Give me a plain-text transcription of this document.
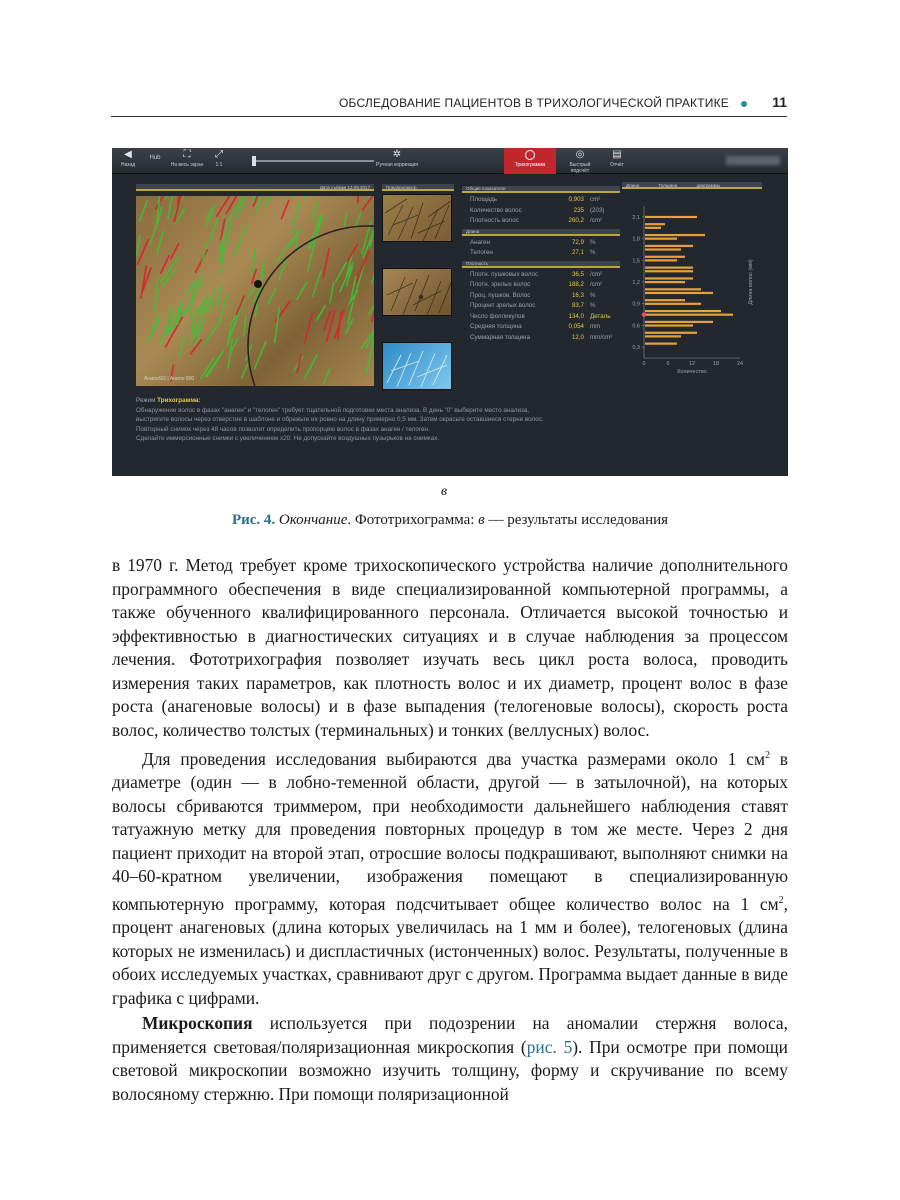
ОБСЛЕДОВАНИЕ ПАЦИЕНТОВ В ТРИХОЛОГИЧЕСКОЙ ПРАКТИКЕ	11
◀
Назад
Hub	⛶
На весь экран
⤢
1:1
✲
Ручная коррекция	Трихограмма
◎
Быстрый подсчёт
▤
Отчёт
Дата съёмки 13.09.2017	Предпросмотр
AramoSG | Aramo 800
Общие показатели
Площадь	0,903 cm²
Количество волос	235 (203)
Плотность волос	260,2 /cm²
Длина
Анаген	72,9 %
Телоген	27,1 %
Плотность
Плотн. пушковых волос	36,5 /cm²
Плотн. зрелых волос	188,2 /cm²
Проц. пушков. Волос	16,3 %
Процент зрелых волос	83,7 %
Число фолликулов	134,0 Деталь
Средняя толщина	0,054 mm
Суммарная толщина	12,0 mm/cm²
Длина	Толщина	диаграммы
0,3
0,6
0,9
1,2
1,5
1,8
2,1
0	6	12	18	24
Количество
Длина волос (мм)
Режим Трихограмма:
Обнаружение волос в фазах "анаген" и "телоген" требует тщательной подготовки места анализа. В день "0" выберите место анализа,
выстригите волосы через отверстие в шаблоне и обрежьте их ровно на длину примерно 0,5 мм. Затем окрасьте оставшиеся стерни волос.
Повторный снимок через 48 часов позволит определить пропорцию волос в фазах анаген / телоген.
Сделайте иммерсионные снимки с увеличением x20. Не допускайте воздушных пузырьков на снимках.
в
Рис. 4. Окончание. Фототрихограмма: в — результаты исследования

в 1970 г. Метод требует кроме трихоскопического устройства наличие дополнительного программного обеспечения в виде специализированной компьютерной программы, а также обученного квалифицированного персонала. Отличается высокой точностью и эффективностью в диагностических ситуациях и в случае наблюдения за процессом лечения. Фототрихография позволяет изучать весь цикл роста волоса, проводить измерения таких параметров, как плотность волос и их диаметр, процент волос в фазе роста (анагеновые волосы) и в фазе выпадения (телогеновые волосы), скорость роста волос, количество толстых (терминальных) и тонких (веллусных) волос.

Для проведения исследования выбираются два участка размерами около 1 $см^2$ в диаметре (один — в лобно-теменной области, другой — в затылочной), на которых волосы сбриваются триммером, при необходимости дальнейшего наблюдения ставят татуажную метку для проведения повторных процедур в том же месте. Через 2 дня пациент приходит на второй этап, отросшие волосы подкрашивают, выполняют снимки на 40–60-кратном увеличении, изображения помещают в специализированную компьютерную программу, которая подсчитывает общее количество волос на 1 $см^2$, процент анагеновых (длина которых увеличилась на 1 мм и более), телогеновых (длина которых не изменилась) и диспластичных (истонченных) волос. Результаты, полученные в обоих исследуемых участках, сравнивают друг с другом. Программа выдает данные в виде графика с цифрами.

Микроскопия используется при подозрении на аномалии стержня волоса, применяется световая/поляризационная микроскопия (рис. 5). При осмотре при помощи световой микроскопии возможно изучить толщину, форму и скручивание по всему волосяному стержню. При помощи поляризационной
